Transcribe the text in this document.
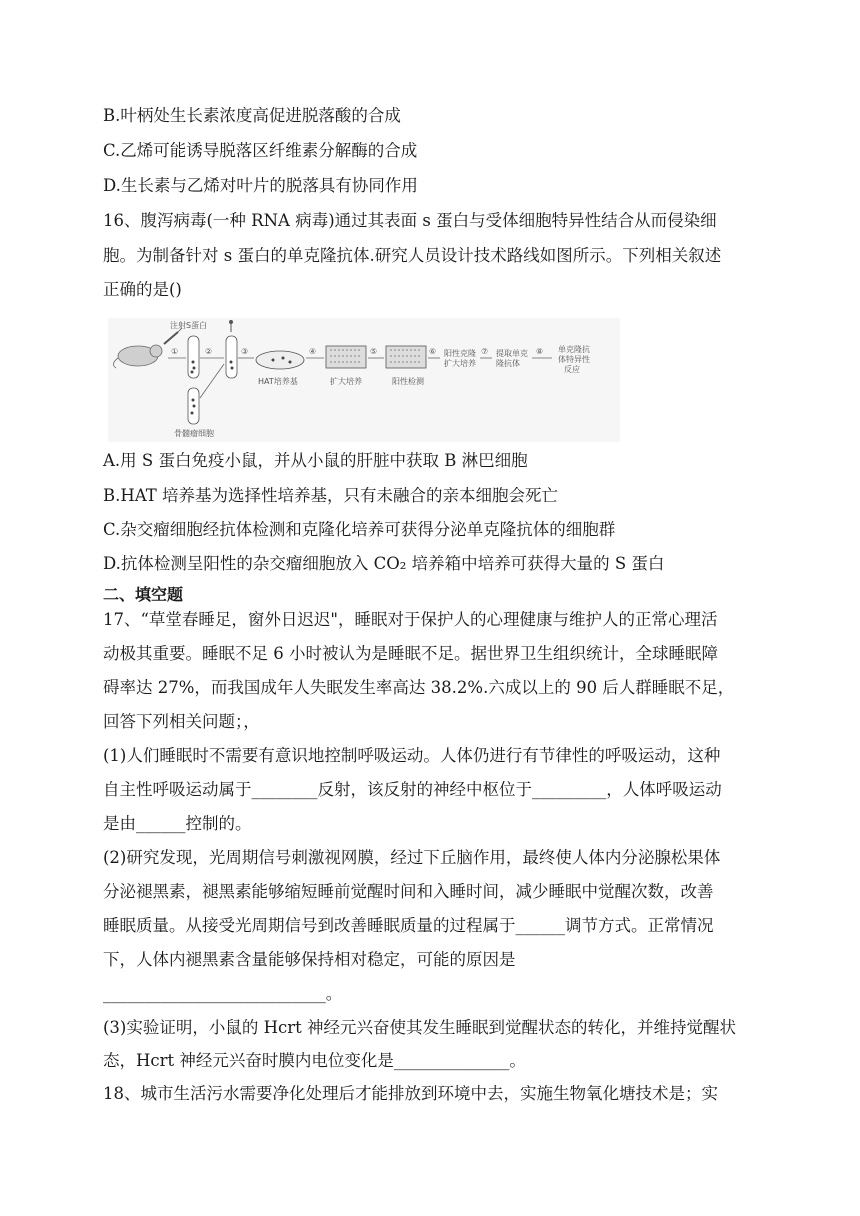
B.叶柄处生长素浓度高促进脱落酸的合成
C.乙烯可能诱导脱落区纤维素分解酶的合成
D.生长素与乙烯对叶片的脱落具有协同作用
16、腹泻病毒(一种 RNA 病毒)通过其表面 s 蛋白与受体细胞特异性结合从而侵染细
胞。为制备针对 s 蛋白的单克隆抗体.研究人员设计技术路线如图所示。下列相关叙述
正确的是()
注射S蛋白
①
骨髓瘤细胞
②	③
HAT培养基
④
扩大培养
⑤
阳性检测
⑥ 阳性克隆
扩大培养
⑦ 提取单克
隆抗体
⑧ 单克隆抗
体特异性
反应
A.用 S 蛋白免疫小鼠，并从小鼠的肝脏中获取 B 淋巴细胞
B.HAT 培养基为选择性培养基，只有未融合的亲本细胞会死亡
C.杂交瘤细胞经抗体检测和克隆化培养可获得分泌单克隆抗体的细胞群
D.抗体检测呈阳性的杂交瘤细胞放入 CO₂ 培养箱中培养可获得大量的 S 蛋白
二、填空题
17、“草堂春睡足，窗外日迟迟"，睡眠对于保护人的心理健康与维护人的正常心理活
动极其重要。睡眠不足 6 小时被认为是睡眠不足。据世界卫生组织统计，全球睡眠障
碍率达 27%，而我国成年人失眠发生率高达 38.2%.六成以上的 90 后人群睡眠不足，
回答下列相关问题；，
(1)人们睡眠时不需要有意识地控制呼吸运动。人体仍进行有节律性的呼吸运动，这种
自主性呼吸运动属于________反射，该反射的神经中枢位于_________，人体呼吸运动
是由______控制的。
(2)研究发现，光周期信号刺激视网膜，经过下丘脑作用，最终使人体内分泌腺松果体
分泌褪黑素，褪黑素能够缩短睡前觉醒时间和入睡时间，减少睡眠中觉醒次数，改善
睡眠质量。从接受光周期信号到改善睡眠质量的过程属于______调节方式。正常情况
下，人体内褪黑素含量能够保持相对稳定，可能的原因是
___________________________。
(3)实验证明，小鼠的 Hcrt 神经元兴奋使其发生睡眠到觉醒状态的转化，并维持觉醒状
态，Hcrt 神经元兴奋时膜内电位变化是______________。
18、城市生活污水需要净化处理后才能排放到环境中去，实施生物氧化塘技术是；实
